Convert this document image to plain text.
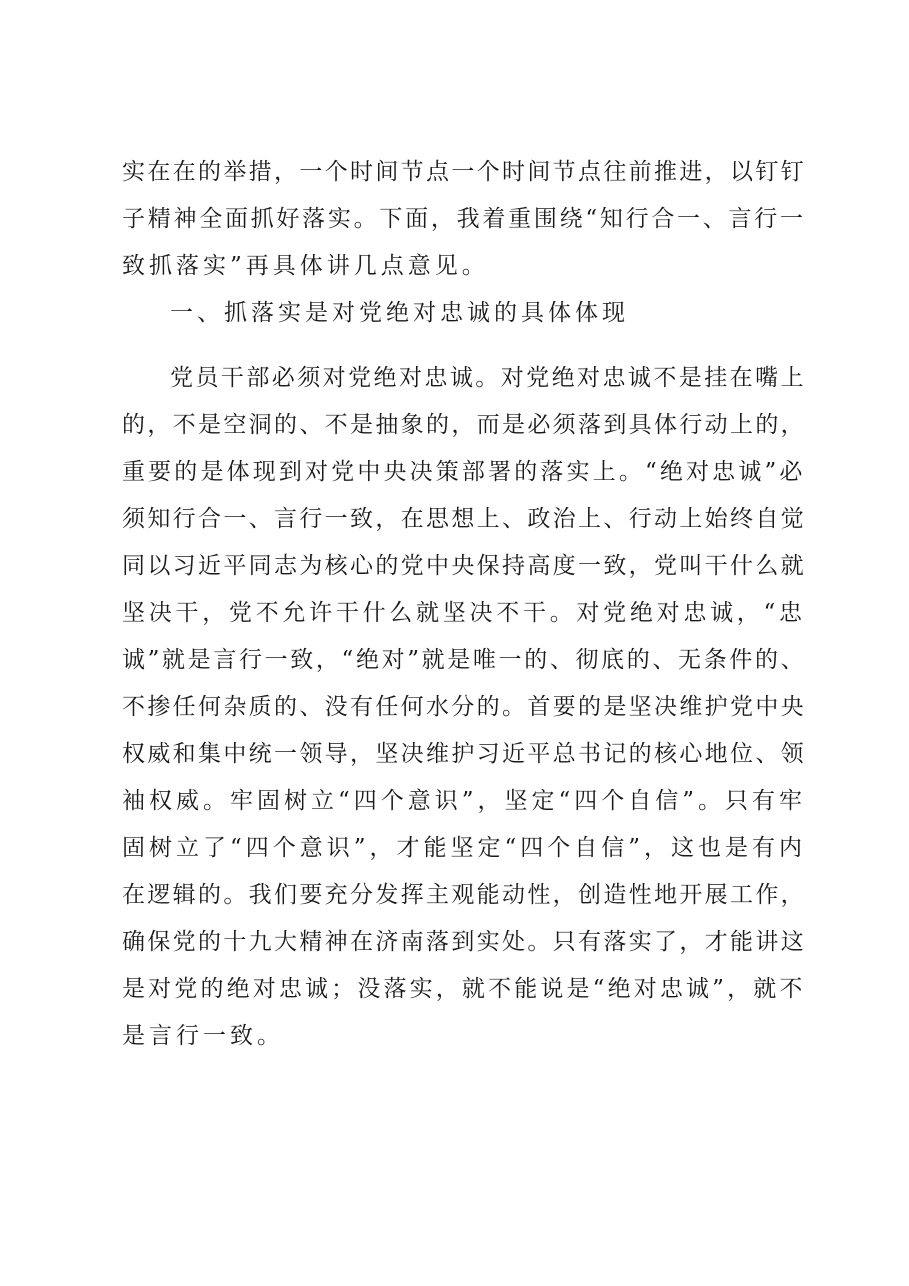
实在在的举措，一个时间节点一个时间节点往前推进，以钉钉
子精神全面抓好落实。下面，我着重围绕“知行合一、言行一
致抓落实”再具体讲几点意见。
一、抓落实是对党绝对忠诚的具体体现
党员干部必须对党绝对忠诚。对党绝对忠诚不是挂在嘴上
的，不是空洞的、不是抽象的，而是必须落到具体行动上的，
重要的是体现到对党中央决策部署的落实上。“绝对忠诚”必
须知行合一、言行一致，在思想上、政治上、行动上始终自觉
同以习近平同志为核心的党中央保持高度一致，党叫干什么就
坚决干，党不允许干什么就坚决不干。对党绝对忠诚，“忠
诚”就是言行一致，“绝对”就是唯一的、彻底的、无条件的、
不掺任何杂质的、没有任何水分的。首要的是坚决维护党中央
权威和集中统一领导，坚决维护习近平总书记的核心地位、领
袖权威。牢固树立“四个意识”，坚定“四个自信”。只有牢
固树立了“四个意识”，才能坚定“四个自信”，这也是有内
在逻辑的。我们要充分发挥主观能动性，创造性地开展工作，
确保党的十九大精神在济南落到实处。只有落实了，才能讲这
是对党的绝对忠诚；没落实，就不能说是“绝对忠诚”，就不
是言行一致。
